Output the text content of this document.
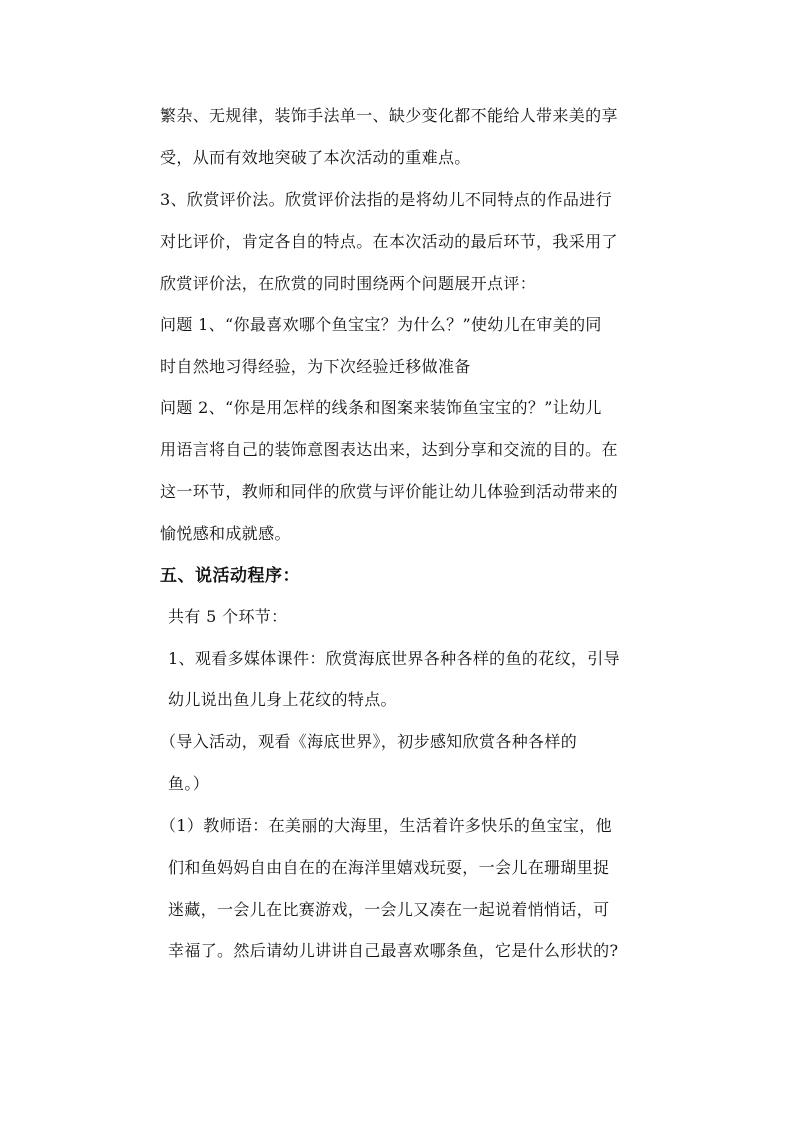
繁杂、无规律，装饰手法单一、缺少变化都不能给人带来美的享
受，从而有效地突破了本次活动的重难点。
3、欣赏评价法。欣赏评价法指的是将幼儿不同特点的作品进行
对比评价，肯定各自的特点。在本次活动的最后环节，我采用了
欣赏评价法，在欣赏的同时围绕两个问题展开点评：
问题 1、“你最喜欢哪个鱼宝宝？为什么？”使幼儿在审美的同
时自然地习得经验，为下次经验迁移做准备
问题 2、“你是用怎样的线条和图案来装饰鱼宝宝的？”让幼儿
用语言将自己的装饰意图表达出来，达到分享和交流的目的。在
这一环节，教师和同伴的欣赏与评价能让幼儿体验到活动带来的
愉悦感和成就感。
五、说活动程序：
共有 5 个环节：
1、观看多媒体课件：欣赏海底世界各种各样的鱼的花纹，引导
幼儿说出鱼儿身上花纹的特点。
（导入活动，观看《海底世界》，初步感知欣赏各种各样的
鱼。）
（1）教师语：在美丽的大海里，生活着许多快乐的鱼宝宝，他
们和鱼妈妈自由自在的在海洋里嬉戏玩耍，一会儿在珊瑚里捉
迷藏，一会儿在比赛游戏，一会儿又凑在一起说着悄悄话，可
幸福了。然后请幼儿讲讲自己最喜欢哪条鱼，它是什么形状的?
